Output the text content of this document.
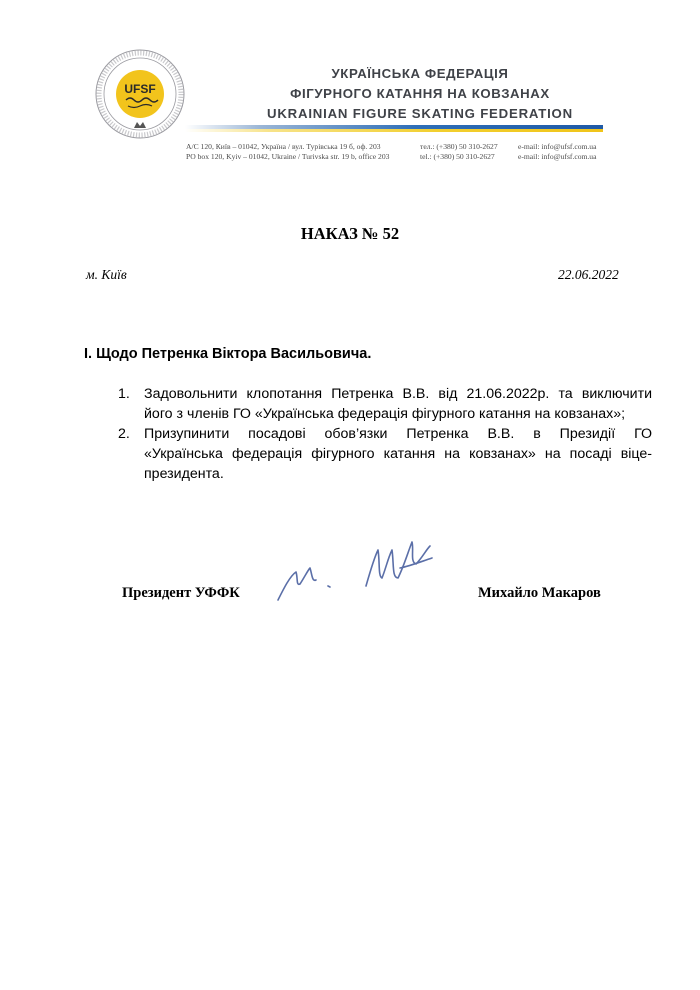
UFSF
УКРАЇНСЬКА ФЕДЕРАЦІЯ
ФІГУРНОГО КАТАННЯ НА КОВЗАНАХ
UKRAINIAN FIGURE SKATING FEDERATION
А/С 120, Київ – 01042, Україна / вул. Турівська 19 б, оф. 203
PO box 120, Kyiv – 01042, Ukraine / Turivska str. 19 b, office 203
тел.: (+380) 50 310-2627
tel.: (+380) 50 310-2627
e-mail: info@ufsf.com.ua
e-mail: info@ufsf.com.ua
НАКАЗ № 52
м. Київ	22.06.2022
І. Щодо Петренка Віктора Васильовича.
1. Задовольнити клопотання Петренка В.В. від 21.06.2022р. та виключити
його з членів ГО «Українська федерація фігурного катання на ковзанах»;
2. Призупинити посадові обов’язки Петренка В.В. в Президії ГО
«Українська федерація фігурного катання на ковзанах» на посаді віце-
президента.
Президент УФФК	Михайло Макаров
